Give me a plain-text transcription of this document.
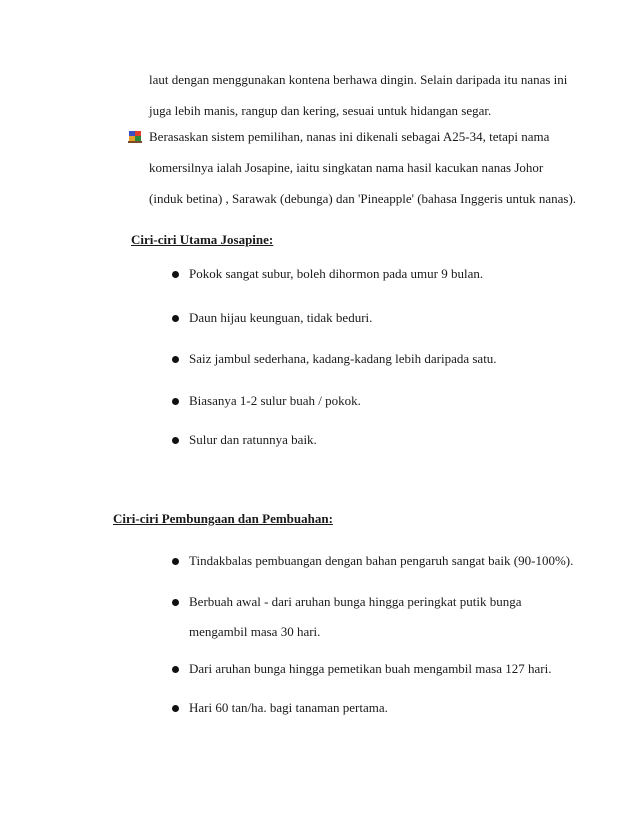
laut dengan menggunakan kontena berhawa dingin. Selain daripada itu nanas ini
juga lebih manis, rangup dan kering, sesuai untuk hidangan segar.
Berasaskan sistem pemilihan, nanas ini dikenali sebagai A25-34, tetapi nama
komersilnya ialah Josapine, iaitu singkatan nama hasil kacukan nanas Johor
(induk betina) , Sarawak (debunga) dan 'Pineapple' (bahasa Inggeris untuk nanas).
Ciri-ciri Utama Josapine:
Pokok sangat subur, boleh dihormon pada umur 9 bulan.
Daun hijau keunguan, tidak beduri.
Saiz jambul sederhana, kadang-kadang lebih daripada satu.
Biasanya 1-2 sulur buah / pokok.
Sulur dan ratunnya baik.
Ciri-ciri Pembungaan dan Pembuahan:
Tindakbalas pembuangan dengan bahan pengaruh sangat baik (90-100%).
Berbuah awal - dari aruhan bunga hingga peringkat putik bunga
mengambil masa 30 hari.
Dari aruhan bunga hingga pemetikan buah mengambil masa 127 hari.
Hari 60 tan/ha. bagi tanaman pertama.
